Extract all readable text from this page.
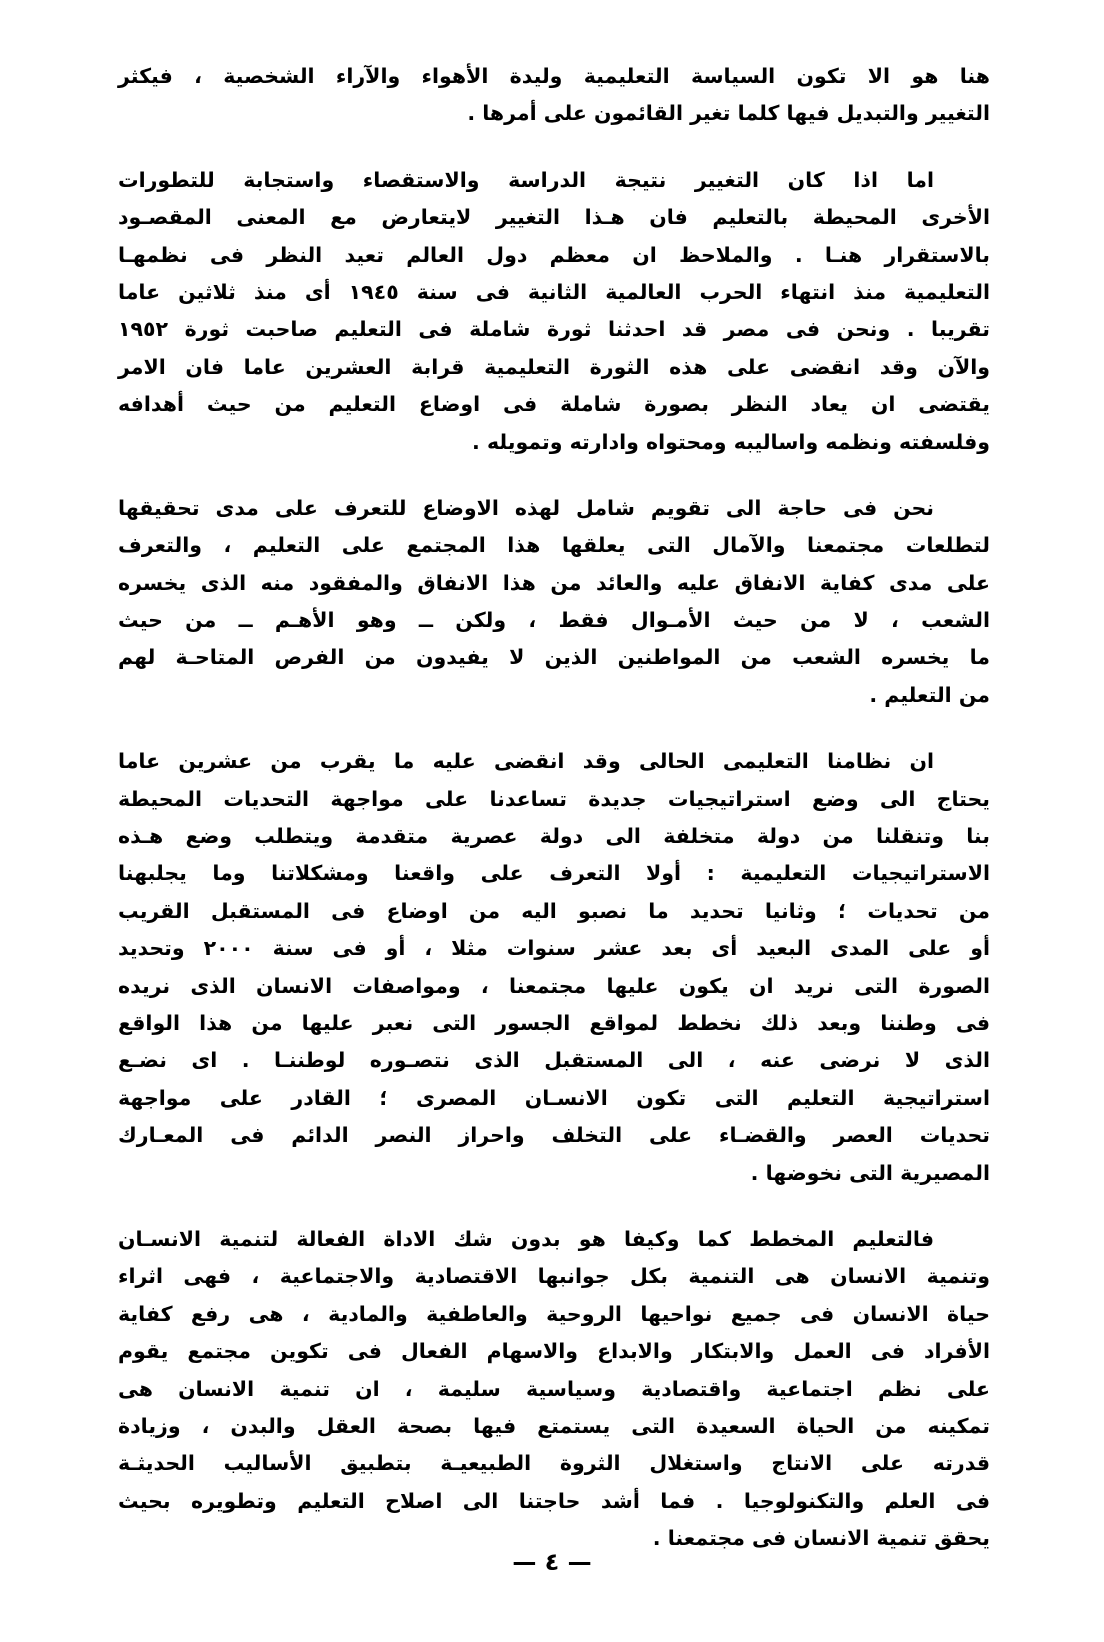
هنا هو الا تكون السياسة التعليمية وليدة الأهواء والآراء الشخصية ، فيكثر
التغيير والتبديل فيها كلما تغير القائمون على أمرها .
اما اذا كان التغيير نتيجة الدراسة والاستقصاء واستجابة للتطورات
الأخرى المحيطة بالتعليم فان هـذا التغيير لايتعارض مع المعنى المقصـود
بالاستقرار هنـا . والملاحظ ان معظم دول العالم تعيد النظر فى نظمهـا
التعليمية منذ انتهاء الحرب العالمية الثانية فى سنة ١٩٤٥ أى منذ ثلاثين عاما
تقريبا . ونحن فى مصر قد احدثنا ثورة شاملة فى التعليم صاحبت ثورة ١٩٥٢
والآن وقد انقضى على هذه الثورة التعليمية قرابة العشرين عاما فان الامر
يقتضى ان يعاد النظر بصورة شاملة فى اوضاع التعليم من حيث أهدافه
وفلسفته ونظمه واساليبه ومحتواه وادارته وتمويله .
نحن فى حاجة الى تقويم شامل لهذه الاوضاع للتعرف على مدى تحقيقها
لتطلعات مجتمعنا والآمال التى يعلقها هذا المجتمع على التعليم ، والتعرف
على مدى كفاية الانفاق عليه والعائد من هذا الانفاق والمفقود منه الذى يخسره
الشعب ، لا من حيث الأمـوال فقط ، ولكن ــ وهو الأهـم ــ من حيث
ما يخسره الشعب من المواطنين الذين لا يفيدون من الفرص المتاحـة لهم
من التعليم .
ان نظامنا التعليمى الحالى وقد انقضى عليه ما يقرب من عشرين عاما
يحتاج الى وضع استراتيجيات جديدة تساعدنا على مواجهة التحديات المحيطة
بنا وتنقلنا من دولة متخلفة الى دولة عصرية متقدمة ويتطلب وضع هـذه
الاستراتيجيات التعليمية : أولا التعرف على واقعنا ومشكلاتنا وما يجلبهنا
من تحديات ؛ وثانيا تحديد ما نصبو اليه من اوضاع فى المستقبل القريب
أو على المدى البعيد أى بعد عشر سنوات مثلا ، أو فى سنة ٢٠٠٠ وتحديد
الصورة التى نريد ان يكون عليها مجتمعنا ، ومواصفات الانسان الذى نريده
فى وطننا وبعد ذلك نخطط لمواقع الجسور التى نعبر عليها من هذا الواقع
الذى لا نرضى عنه ، الى المستقبل الذى نتصـوره لوطننـا . اى نضـع
استراتيجية التعليم التى تكون الانسـان المصرى ؛ القادر على مواجهة
تحديات العصر والقضـاء على التخلف واحراز النصر الدائم فى المعـارك
المصيرية التى نخوضها .
فالتعليم المخطط كما وكيفا هو بدون شك الاداة الفعالة لتنمية الانسـان
وتنمية الانسان هى التنمية بكل جوانبها الاقتصادية والاجتماعية ، فهى اثراء
حياة الانسان فى جميع نواحيها الروحية والعاطفية والمادية ، هى رفع كفاية
الأفراد فى العمل والابتكار والابداع والاسهام الفعال فى تكوين مجتمع يقوم
على نظم اجتماعية واقتصادية وسياسية سليمة ، ان تنمية الانسان هى
تمكينه من الحياة السعيدة التى يستمتع فيها بصحة العقل والبدن ، وزيادة
قدرته على الانتاج واستغلال الثروة الطبيعيـة بتطبيق الأساليب الحديثـة
فى العلم والتكنولوجيا . فما أشد حاجتنا الى اصلاح التعليم وتطويره بحيث
يحقق تنمية الانسان فى مجتمعنا .
— ٤ —
